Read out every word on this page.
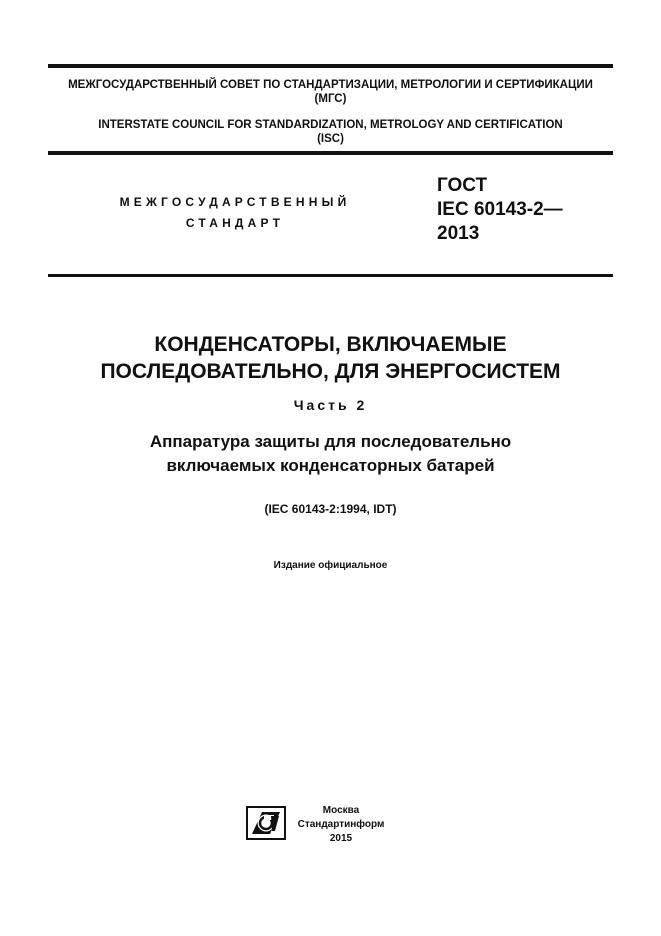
МЕЖГОСУДАРСТВЕННЫЙ СОВЕТ ПО СТАНДАРТИЗАЦИИ, МЕТРОЛОГИИ И СЕРТИФИКАЦИИ
(МГС)
INTERSTATE COUNCIL FOR STANDARDIZATION, METROLOGY AND CERTIFICATION
(ISC)
МЕЖГОСУДАРСТВЕННЫЙ
СТАНДАРТ
ГОСТ
IEC 60143-2—
2013
КОНДЕНСАТОРЫ, ВКЛЮЧАЕМЫЕ
ПОСЛЕДОВАТЕЛЬНО, ДЛЯ ЭНЕРГОСИСТЕМ
Часть 2
Аппаратура защиты для последовательно
включаемых конденсаторных батарей
(IEC 60143-2:1994, IDT)
Издание официальное
Москва
Стандартинформ
2015
